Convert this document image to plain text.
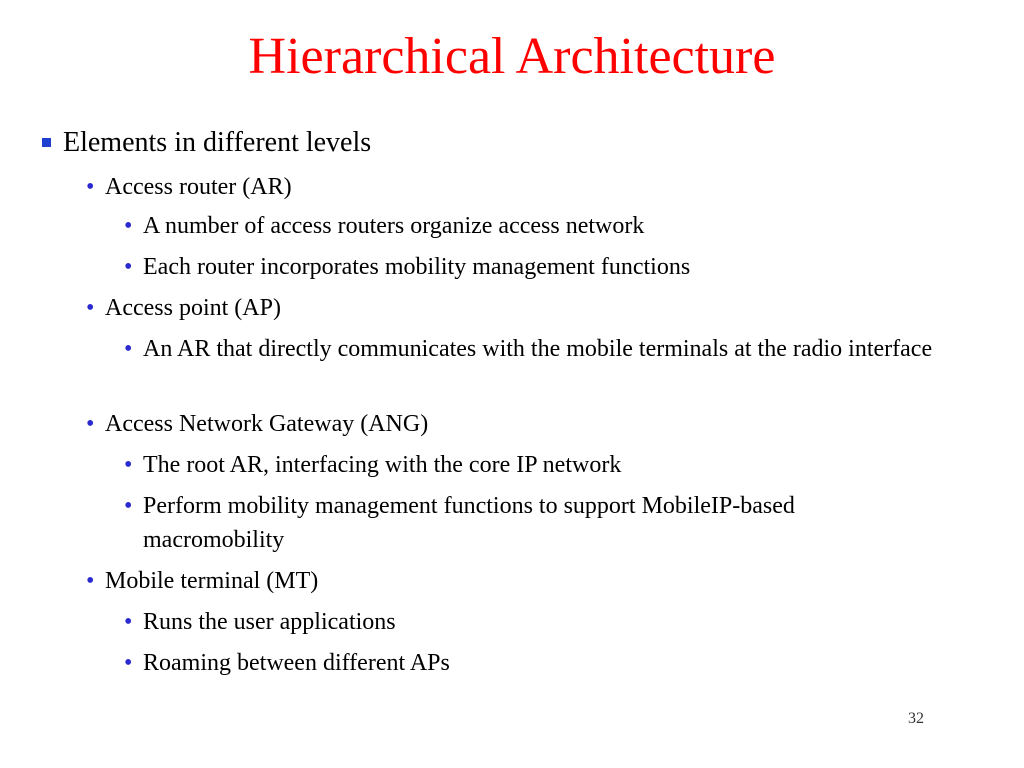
Hierarchical Architecture
Elements in different levels
• Access router (AR)
• A number of access routers organize access network
• Each router incorporates mobility management functions
• Access point (AP)
• An AR that directly communicates with the mobile terminals at the radio interface
• Access Network Gateway (ANG)
• The root AR, interfacing with the core IP network
• Perform mobility management functions to support MobileIP-based macromobility
• Mobile terminal (MT)
• Runs the user applications
• Roaming between different APs
32
